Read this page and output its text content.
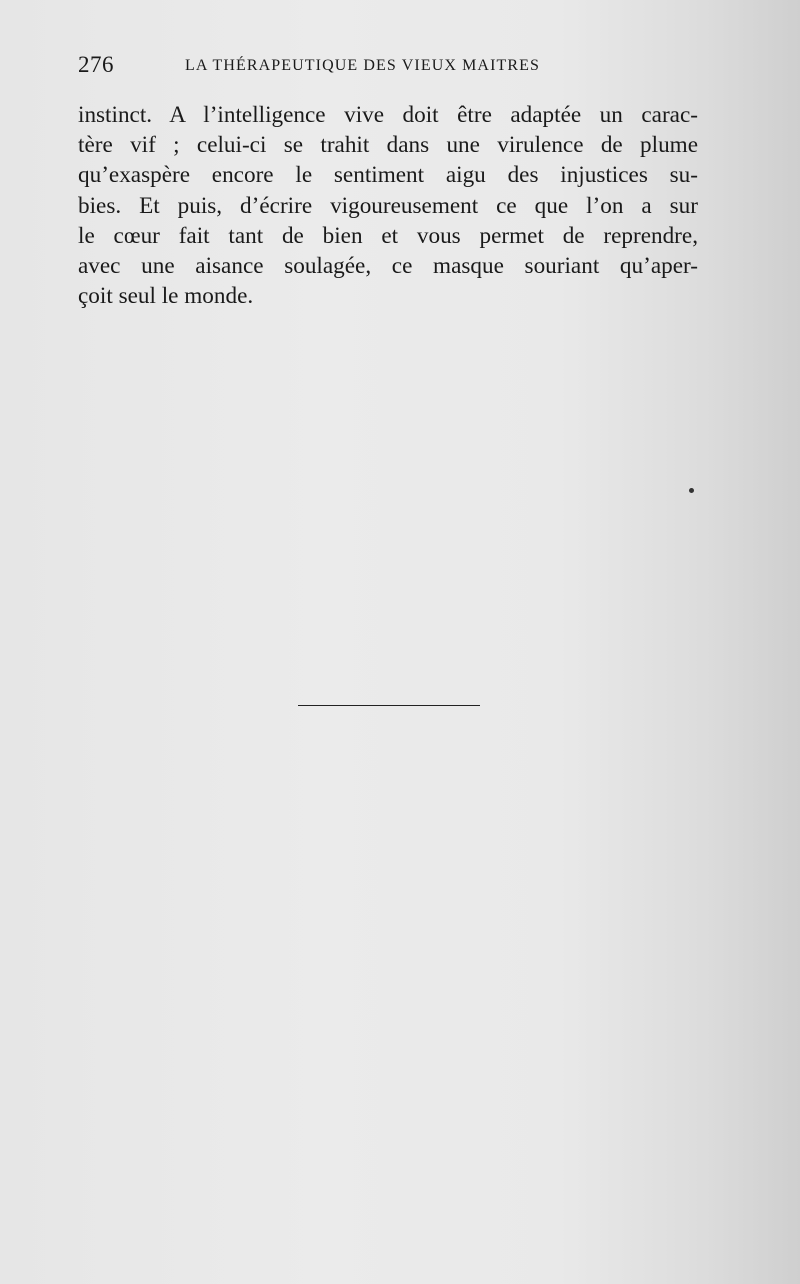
276	LA THÉRAPEUTIQUE DES VIEUX MAITRES

instinct. A l’intelligence vive doit être adaptée un carac-
tère vif ; celui-ci se trahit dans une virulence de plume
qu’exaspère encore le sentiment aigu des injustices su-
bies. Et puis, d’écrire vigoureusement ce que l’on a sur
le cœur fait tant de bien et vous permet de reprendre,
avec une aisance soulagée, ce masque souriant qu’aper-
çoit seul le monde.
